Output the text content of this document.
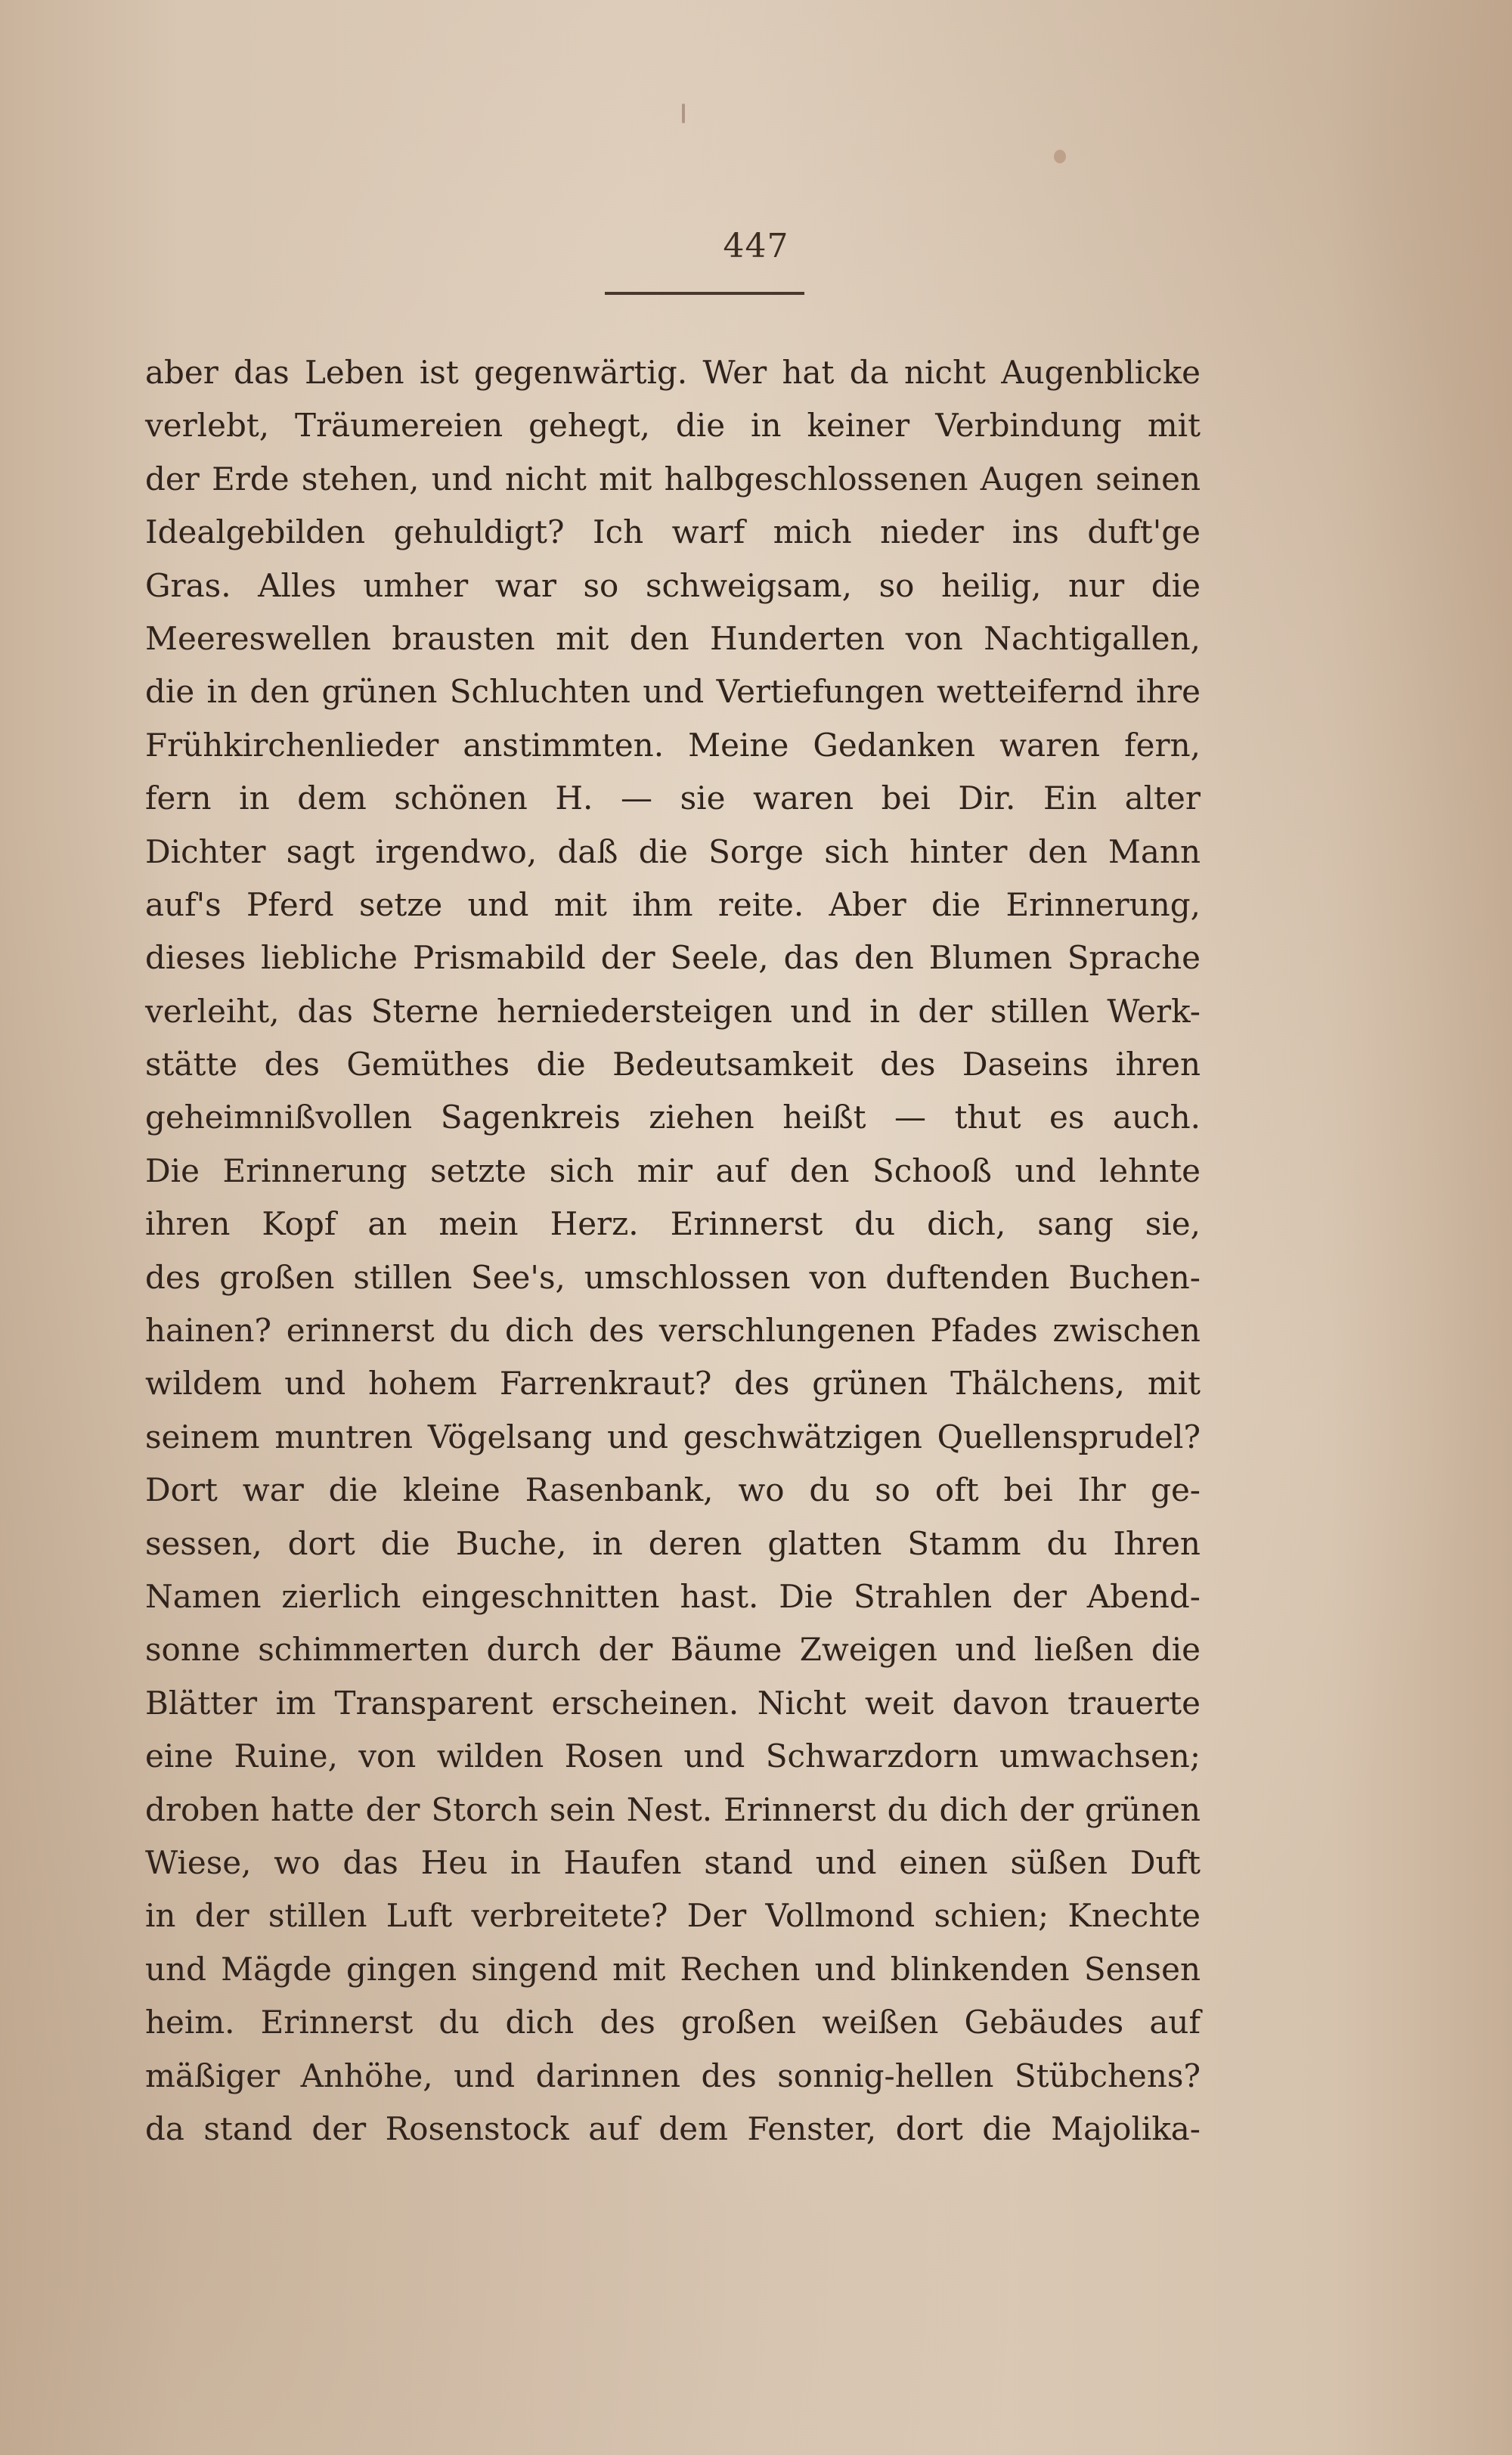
447
aber das Leben ist gegenwärtig. Wer hat da nicht Augenblicke
verlebt, Träumereien gehegt, die in keiner Verbindung mit
der Erde stehen, und nicht mit halbgeschlossenen Augen seinen
Idealgebilden gehuldigt? Ich warf mich nieder ins duft'ge
Gras. Alles umher war so schweigsam, so heilig, nur die
Meereswellen brausten mit den Hunderten von Nachtigallen,
die in den grünen Schluchten und Vertiefungen wetteifernd ihre
Frühkirchenlieder anstimmten. Meine Gedanken waren fern,
fern in dem schönen H. — sie waren bei Dir. Ein alter
Dichter sagt irgendwo, daß die Sorge sich hinter den Mann
auf's Pferd setze und mit ihm reite. Aber die Erinnerung,
dieses liebliche Prismabild der Seele, das den Blumen Sprache
verleiht, das Sterne herniedersteigen und in der stillen Werk-
stätte des Gemüthes die Bedeutsamkeit des Daseins ihren
geheimnißvollen Sagenkreis ziehen heißt — thut es auch.
Die Erinnerung setzte sich mir auf den Schooß und lehnte
ihren Kopf an mein Herz. Erinnerst du dich, sang sie,
des großen stillen See's, umschlossen von duftenden Buchen-
hainen? erinnerst du dich des verschlungenen Pfades zwischen
wildem und hohem Farrenkraut? des grünen Thälchens, mit
seinem muntren Vögelsang und geschwätzigen Quellensprudel?
Dort war die kleine Rasenbank, wo du so oft bei Ihr ge-
sessen, dort die Buche, in deren glatten Stamm du Ihren
Namen zierlich eingeschnitten hast. Die Strahlen der Abend-
sonne schimmerten durch der Bäume Zweigen und ließen die
Blätter im Transparent erscheinen. Nicht weit davon trauerte
eine Ruine, von wilden Rosen und Schwarzdorn umwachsen;
droben hatte der Storch sein Nest. Erinnerst du dich der grünen
Wiese, wo das Heu in Haufen stand und einen süßen Duft
in der stillen Luft verbreitete? Der Vollmond schien; Knechte
und Mägde gingen singend mit Rechen und blinkenden Sensen
heim. Erinnerst du dich des großen weißen Gebäudes auf
mäßiger Anhöhe, und darinnen des sonnig-hellen Stübchens?
da stand der Rosenstock auf dem Fenster, dort die Majolika-
